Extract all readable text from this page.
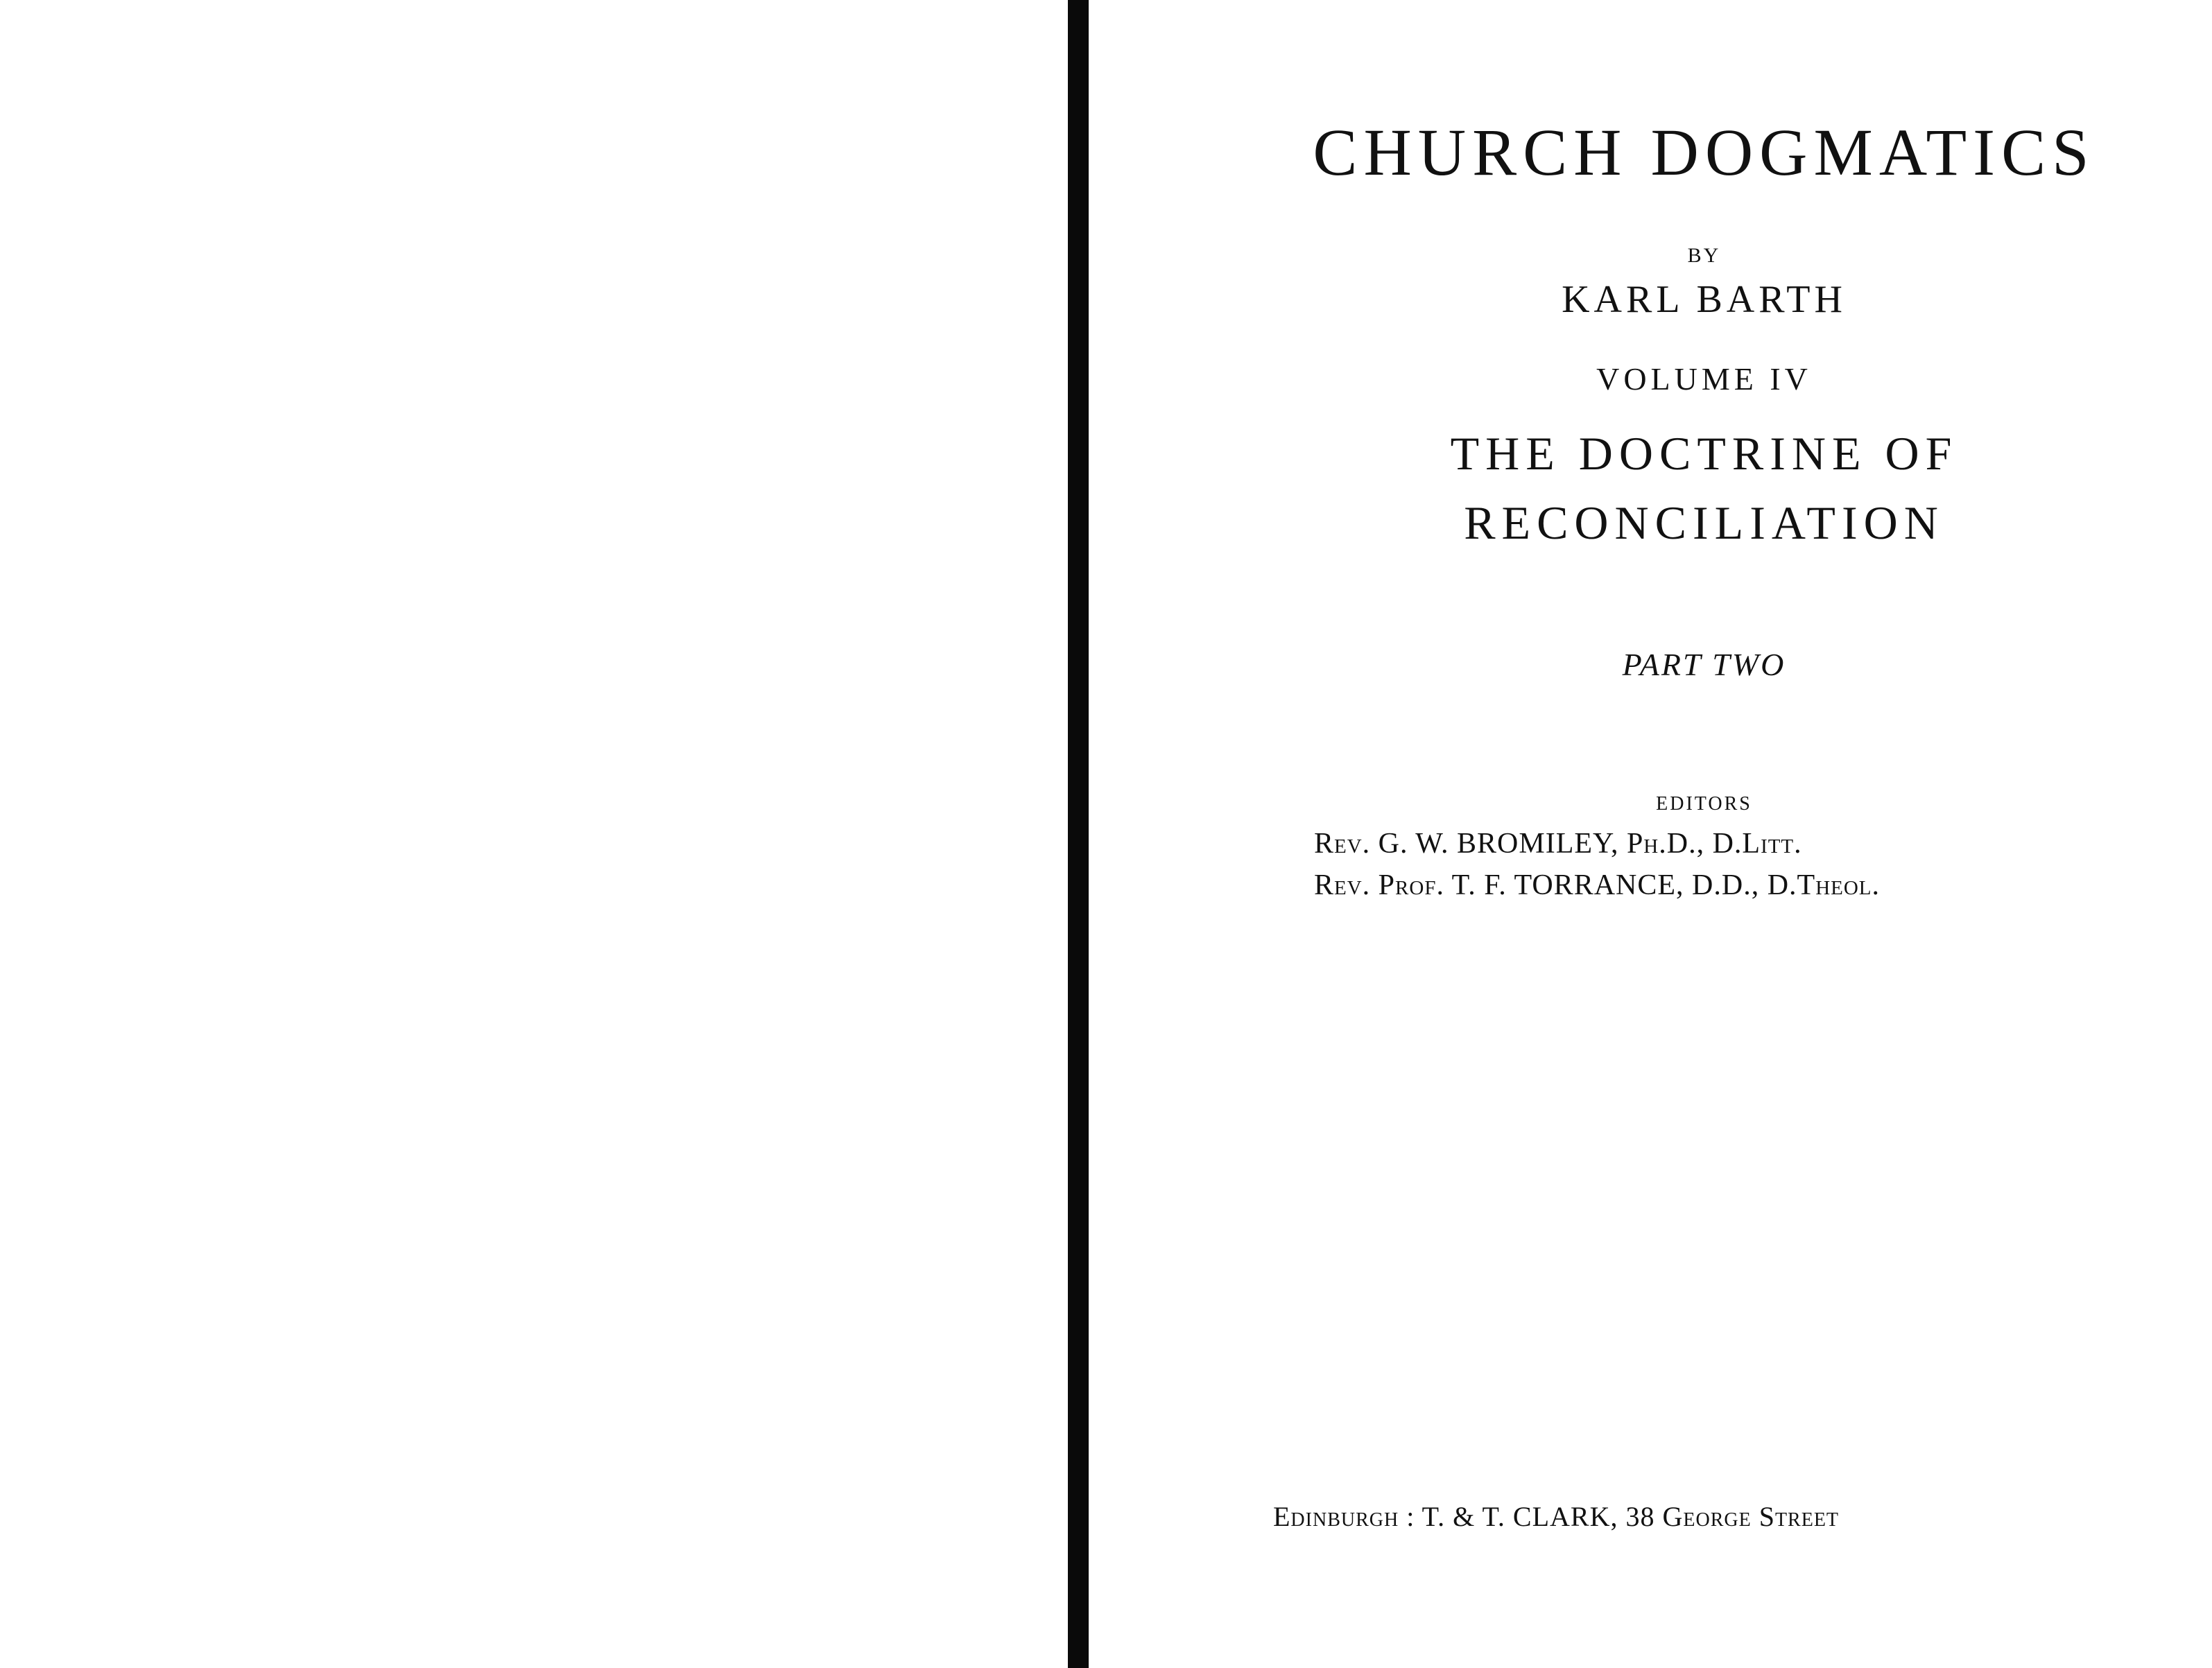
CHURCH DOGMATICS
BY
KARL BARTH
VOLUME IV
THE DOCTRINE OF
RECONCILIATION
PART TWO
EDITORS
Rev. G. W. BROMILEY, Ph.D., D.Litt.
Rev. Prof. T. F. TORRANCE, D.D., D.Theol.
Edinburgh : T. & T. CLARK, 38 George Street
